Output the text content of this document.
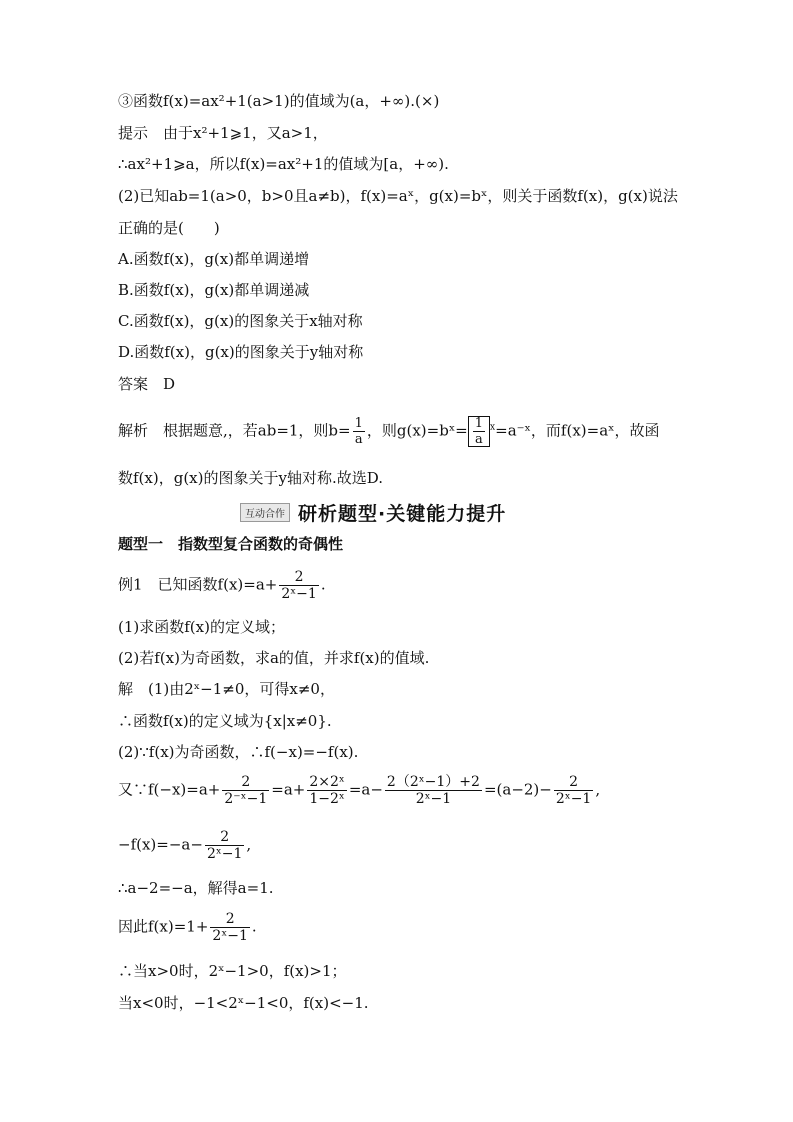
③函数f(x)=ax²+1(a>1)的值域为(a，+∞).(×)
提示　由于x²+1⩾1，又a>1，
∴ax²+1⩾a，所以f(x)=ax²+1的值域为[a，+∞).
(2)已知ab=1(a>0，b>0且a≠b)，f(x)=aˣ，g(x)=bˣ，则关于函数f(x)，g(x)说法
正确的是(　　)
A.函数f(x)，g(x)都单调递增
B.函数f(x)，g(x)都单调递减
C.函数f(x)，g(x)的图象关于x轴对称
D.函数f(x)，g(x)的图象关于y轴对称
答案　D
解析　根据题意,，若ab=1，则$b= \frac{1}{a}$ ，则g(x)=bˣ= $\frac{1}{a}$ $^x$=a⁻ˣ，而f(x)=aˣ，故函
数f(x)，g(x)的图象关于y轴对称.故选D.
互动合作 研析题型·关键能力提升
题型一　指数型复合函数的奇偶性
例1　已知函数$f(x)=a+ \frac{2}{\text{2ˣ−1}}$ .
(1)求函数f(x)的定义域；
(2)若f(x)为奇函数，求a的值，并求f(x)的值域.
解　(1)由2ˣ−1≠0，可得x≠0，
∴函数f(x)的定义域为{x|x≠0}.
(2)∵f(x)为奇函数，∴f(−x)=−f(x).
又∵f(−x)=a+ $\frac{2}{\text{2⁻ˣ−1}} =a+ \frac{\text{2×2ˣ}}{\text{1−2ˣ}} =a- \frac{\text{2（2ˣ−1）+2}}{\text{2ˣ−1}} =(a-2)- \frac{2}{\text{2ˣ−1}}$ ,
$-f(x)=-a- \frac{2}{\text{2ˣ−1}}$ ,
∴a−2=−a，解得a=1.
因此$f(x)=1+ \frac{2}{\text{2ˣ−1}}$ .
∴当x>0时，2ˣ−1>0，f(x)>1；
当x<0时，−1<2ˣ−1<0，f(x)<−1.
